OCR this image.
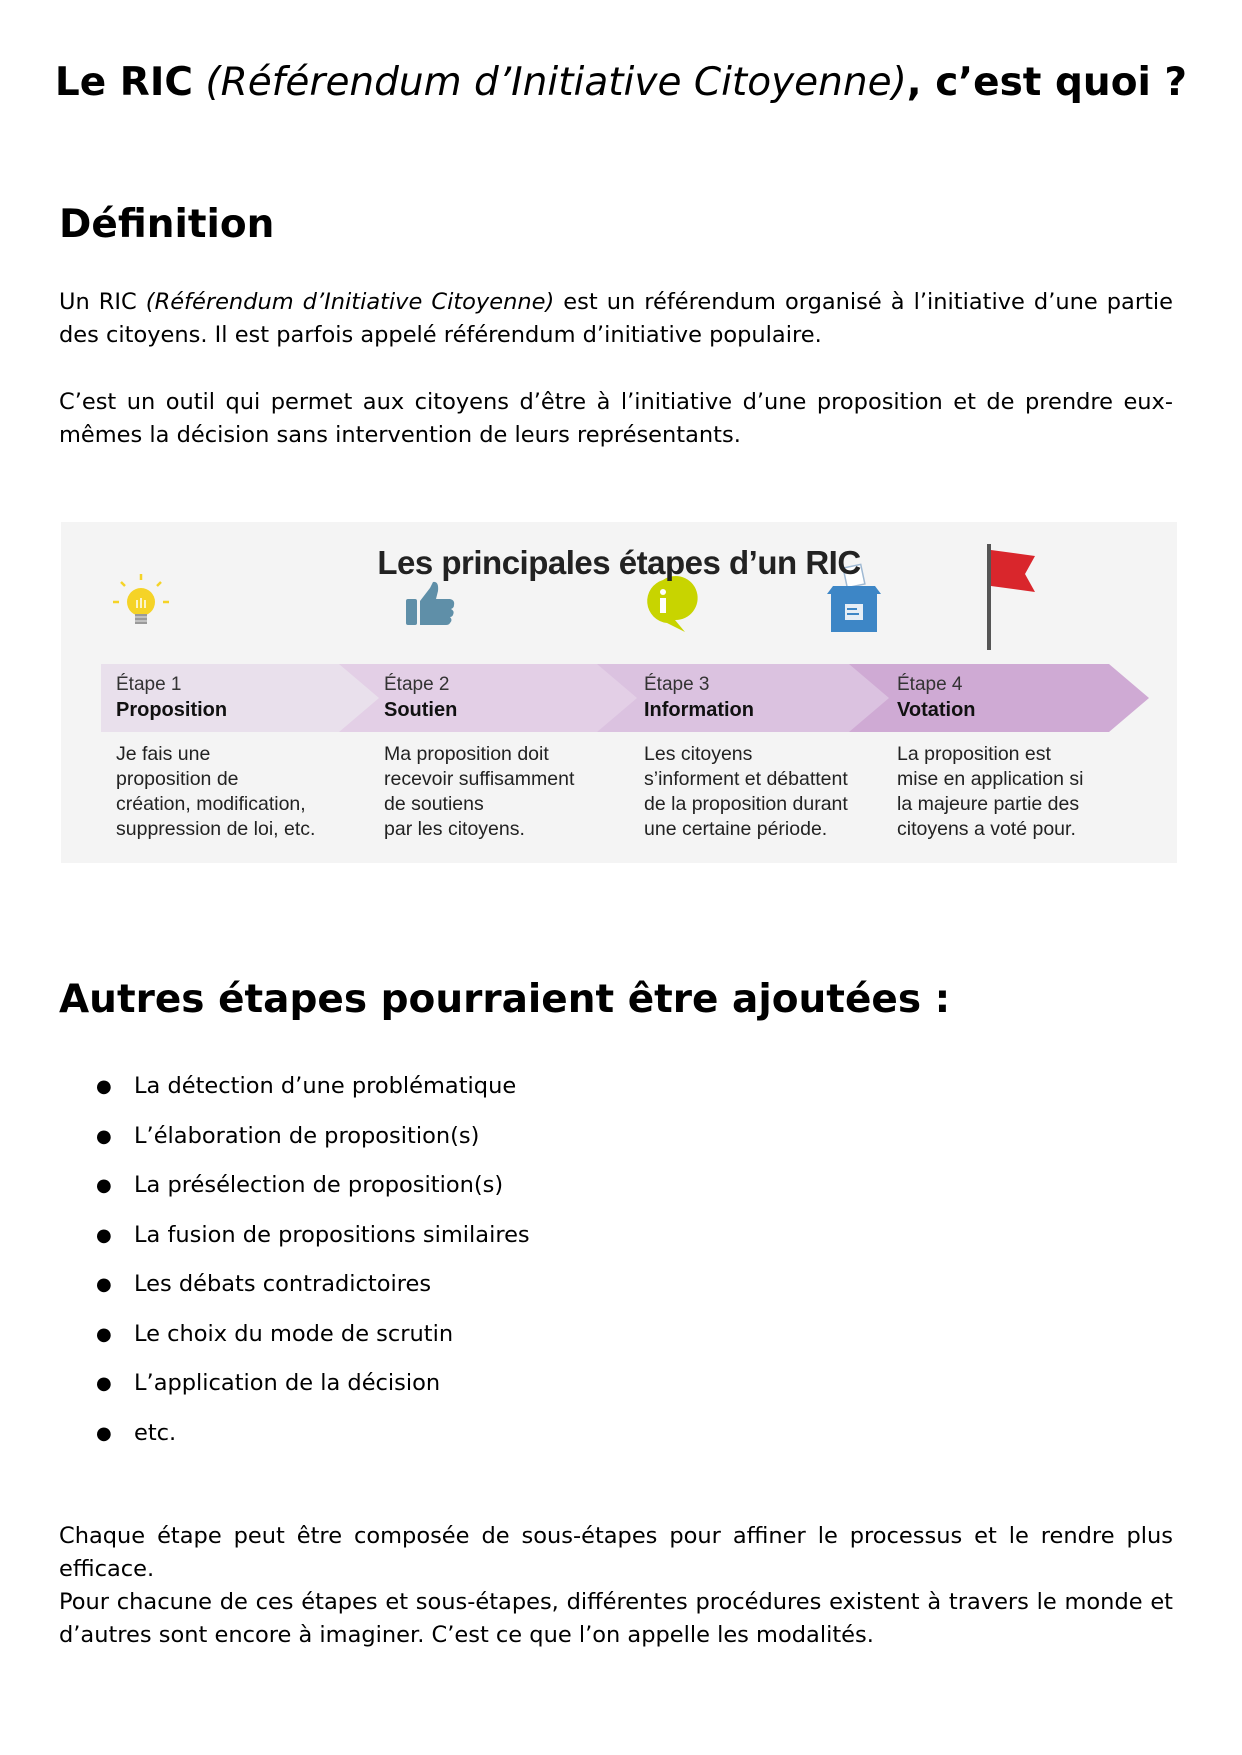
Le RIC (Référendum d’Initiative Citoyenne), c’est quoi ?
Définition

Un RIC (Référendum d’Initiative Citoyenne) est un référendum organisé à l’initiative d’une partie des citoyens. Il est parfois appelé référendum d’initiative populaire.

C’est un outil qui permet aux citoyens d’être à l’initiative d’une proposition et de prendre eux-mêmes la décision sans intervention de leurs représentants.

Les principales étapes d’un RIC
Étape 1
Proposition
Je fais une
proposition de
création, modification,
suppression de loi, etc.
Étape 2
Soutien
Ma proposition doit
recevoir suffisamment
de soutiens
par les citoyens.
Étape 3
Information
Les citoyens
s’informent et débattent
de la proposition durant
une certaine période.
Étape 4
Votation
La proposition est
mise en application si
la majeure partie des
citoyens a voté pour.
Autres étapes pourraient être ajoutées :
● La détection d’une problématique
● L’élaboration de proposition(s)
● La présélection de proposition(s)
● La fusion de propositions similaires
● Les débats contradictoires
● Le choix du mode de scrutin
● L’application de la décision
● etc.

Chaque étape peut être composée de sous-étapes pour affiner le processus et le rendre plus efficace.

Pour chacune de ces étapes et sous-étapes, différentes procédures existent à travers le monde et d’autres sont encore à imaginer. C’est ce que l’on appelle les modalités.
